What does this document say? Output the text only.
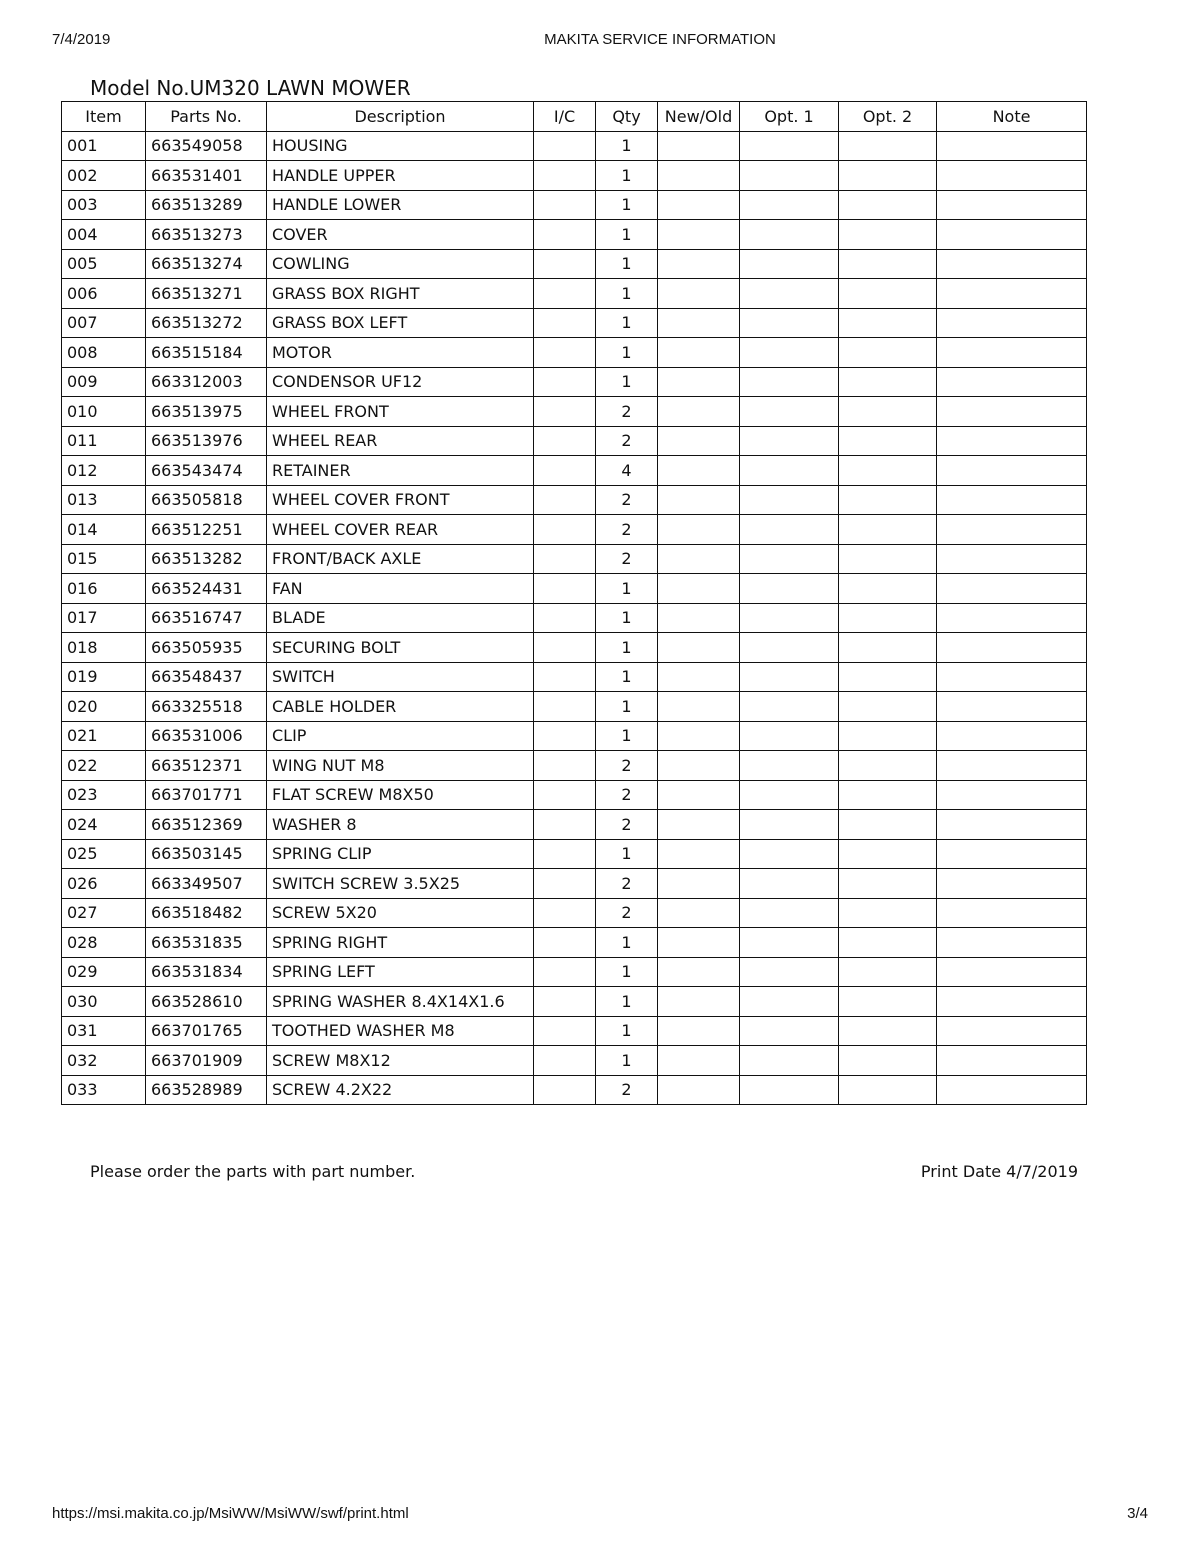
7/4/2019	MAKITA SERVICE INFORMATION
Model No.UM320 LAWN MOWER
Item	Parts No.	Description	I/C	Qty	New/Old	Opt. 1	Opt. 2	Note
001	663549058	HOUSING		1				
002	663531401	HANDLE UPPER		1				
003	663513289	HANDLE LOWER		1				
004	663513273	COVER		1				
005	663513274	COWLING		1				
006	663513271	GRASS BOX RIGHT		1				
007	663513272	GRASS BOX LEFT		1				
008	663515184	MOTOR		1				
009	663312003	CONDENSOR UF12		1				
010	663513975	WHEEL FRONT		2				
011	663513976	WHEEL REAR		2				
012	663543474	RETAINER		4				
013	663505818	WHEEL COVER FRONT		2				
014	663512251	WHEEL COVER REAR		2				
015	663513282	FRONT/BACK AXLE		2				
016	663524431	FAN		1				
017	663516747	BLADE		1				
018	663505935	SECURING BOLT		1				
019	663548437	SWITCH		1				
020	663325518	CABLE HOLDER		1				
021	663531006	CLIP		1				
022	663512371	WING NUT M8		2				
023	663701771	FLAT SCREW M8X50		2				
024	663512369	WASHER 8		2				
025	663503145	SPRING CLIP		1				
026	663349507	SWITCH SCREW 3.5X25		2				
027	663518482	SCREW 5X20		2				
028	663531835	SPRING RIGHT		1				
029	663531834	SPRING LEFT		1				
030	663528610	SPRING WASHER 8.4X14X1.6		1				
031	663701765	TOOTHED WASHER M8		1				
032	663701909	SCREW M8X12		1				
033	663528989	SCREW 4.2X22		2				
Please order the parts with part number.	Print Date 4/7/2019
https://msi.makita.co.jp/MsiWW/MsiWW/swf/print.html	3/4
